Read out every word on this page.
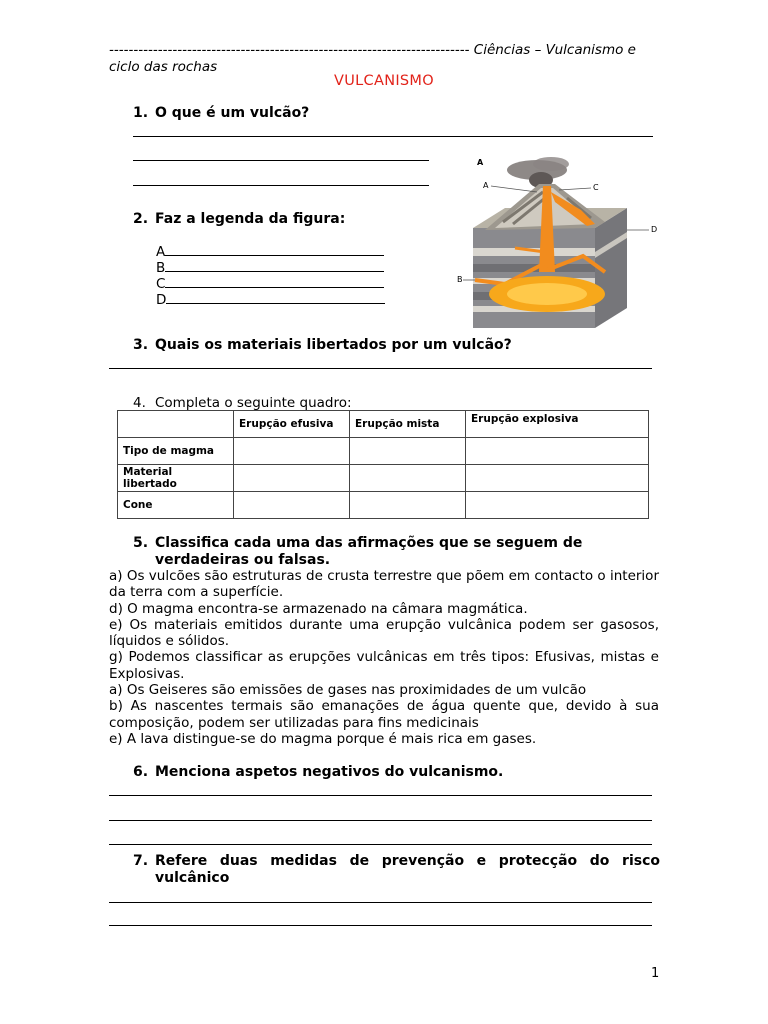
-------------------------------------------------------------------------- Ciências – Vulcanismo e ciclo das rochas
VULCANISMO
1. O que é um vulcão?
A
A
B
C
D
2. Faz a legenda da figura:
A
B
C
D
3. Quais os materiais libertados por um vulcão?
4. Completa o seguinte quadro:
	Erupção efusiva	Erupção mista	Erupção explosiva
Tipo de magma			
Material libertado			
Cone			
5. Classifica cada uma das afirmações que se seguem de verdadeiras ou falsas.

a) Os vulcões são estruturas de crusta terrestre que põem em contacto o interior da terra com a superfície.

d) O magma encontra-se armazenado na câmara magmática.

e) Os materiais emitidos durante uma erupção vulcânica podem ser gasosos, líquidos e sólidos.

g) Podemos classificar as erupções vulcânicas em três tipos: Efusivas, mistas e Explosivas.

a) Os Geiseres são emissões de gases nas proximidades de um vulcão

b) As nascentes termais são emanações de água quente que, devido à sua composição, podem ser utilizadas para fins medicinais

e) A lava distingue-se do magma porque é mais rica em gases.

6. Menciona aspetos negativos do vulcanismo.
7. Refere duas medidas de prevenção e protecção do risco vulcânico
1
